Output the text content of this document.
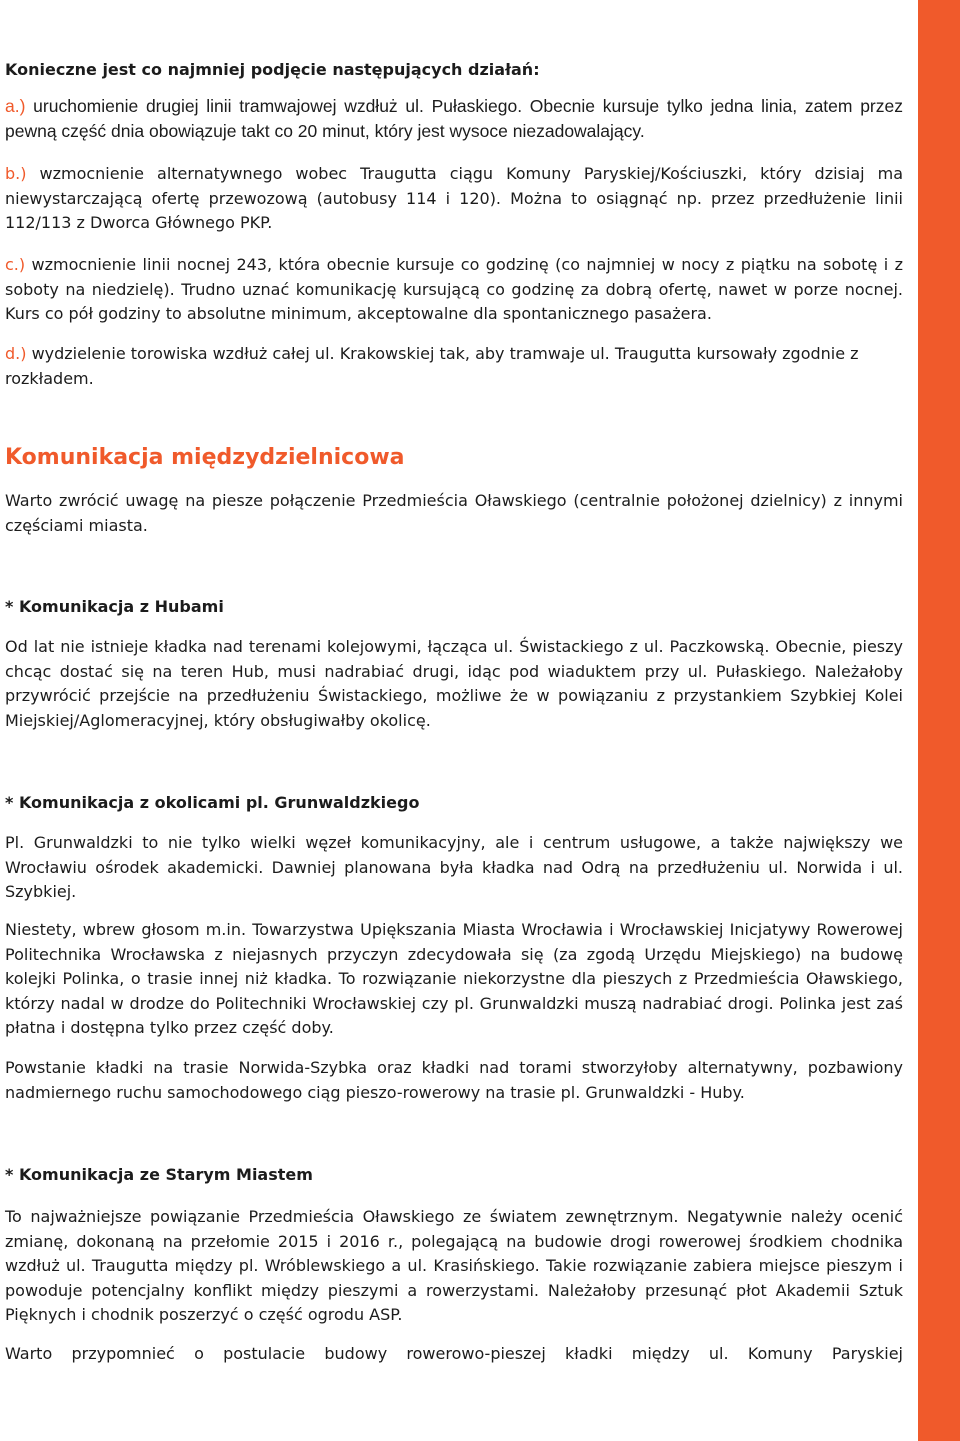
Konieczne jest co najmniej podjęcie następujących działań:

a.) uruchomienie drugiej linii tramwajowej wzdłuż ul. Pułaskiego. Obecnie kursuje tylko jedna linia, zatem przez pewną część dnia obowiązuje takt co 20 minut, który jest wysoce niezadowalający.

b.) wzmocnienie alternatywnego wobec Traugutta ciągu Komuny Paryskiej/Kościuszki, który dzisiaj ma niewystarczającą ofertę przewozową (autobusy 114 i 120). Można to osiągnąć np. przez przedłużenie linii 112/113 z Dworca Głównego PKP.

c.) wzmocnienie linii nocnej 243, która obecnie kursuje co godzinę (co najmniej w nocy z piątku na sobotę i z soboty na niedzielę). Trudno uznać komunikację kursującą co godzinę za dobrą ofertę, nawet w porze nocnej. Kurs co pół godziny to absolutne minimum, akceptowalne dla spontanicznego pasażera.

d.) wydzielenie torowiska wzdłuż całej ul. Krakowskiej tak, aby tramwaje ul. Traugutta kursowały zgodnie z rozkładem.

Komunikacja międzydzielnicowa

Warto zwrócić uwagę na piesze połączenie Przedmieścia Oławskiego (centralnie położonej dzielnicy) z innymi częściami miasta.

* Komunikacja z Hubami

Od lat nie istnieje kładka nad terenami kolejowymi, łącząca ul. Świstackiego z ul. Paczkowską. Obecnie, pieszy chcąc dostać się na teren Hub, musi nadrabiać drugi, idąc pod wiaduktem przy ul. Pułaskiego. Należałoby przywrócić przejście na przedłużeniu Świstackiego, możliwe że w powiązaniu z przystankiem Szybkiej Kolei Miejskiej/Aglomeracyjnej, który obsługiwałby okolicę.

* Komunikacja z okolicami pl. Grunwaldzkiego

Pl. Grunwaldzki to nie tylko wielki węzeł komunikacyjny, ale i centrum usługowe, a także największy we Wrocławiu ośrodek akademicki. Dawniej planowana była kładka nad Odrą na przedłużeniu ul. Norwida i ul. Szybkiej.

Niestety, wbrew głosom m.in. Towarzystwa Upiększania Miasta Wrocławia i Wrocławskiej Inicjatywy Rowerowej Politechnika Wrocławska z niejasnych przyczyn zdecydowała się (za zgodą Urzędu Miejskiego) na budowę kolejki Polinka, o trasie innej niż kładka. To rozwiązanie niekorzystne dla pieszych z Przedmieścia Oławskiego, którzy nadal w drodze do Politechniki Wrocławskiej czy pl. Grunwaldzki muszą nadrabiać drogi. Polinka jest zaś płatna i dostępna tylko przez część doby.

Powstanie kładki na trasie Norwida-Szybka oraz kładki nad torami stworzyłoby alternatywny, pozbawiony nadmiernego ruchu samochodowego ciąg pieszo-rowerowy na trasie pl. Grunwaldzki - Huby.

* Komunikacja ze Starym Miastem

To najważniejsze powiązanie Przedmieścia Oławskiego ze światem zewnętrznym. Negatywnie należy ocenić zmianę, dokonaną na przełomie 2015 i 2016 r., polegającą na budowie drogi rowerowej środkiem chodnika wzdłuż ul. Traugutta między pl. Wróblewskiego a ul. Krasińskiego. Takie rozwiązanie zabiera miejsce pieszym i powoduje potencjalny konflikt między pieszymi a rowerzystami. Należałoby przesunąć płot Akademii Sztuk Pięknych i chodnik poszerzyć o część ogrodu ASP.

Warto przypomnieć o postulacie budowy rowerowo-pieszej kładki między ul. Komuny Paryskiej
